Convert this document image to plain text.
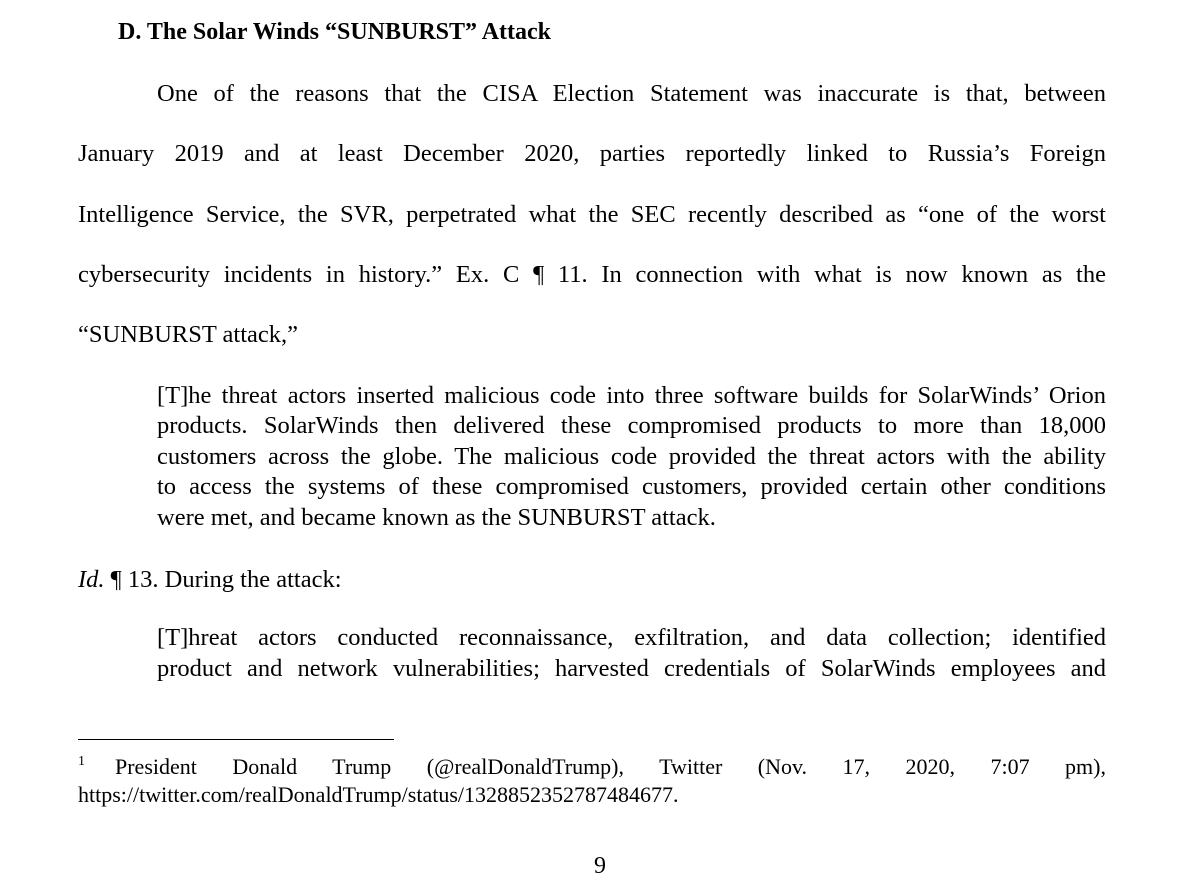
D. The Solar Winds “SUNBURST” Attack
One of the reasons that the CISA Election Statement was inaccurate is that, between
January 2019 and at least December 2020, parties reportedly linked to Russia’s Foreign
Intelligence Service, the SVR, perpetrated what the SEC recently described as “one of the worst
cybersecurity incidents in history.” Ex. C ¶ 11. In connection with what is now known as the
“SUNBURST attack,”
[T]he threat actors inserted malicious code into three software builds for SolarWinds’ Orion
products. SolarWinds then delivered these compromised products to more than 18,000
customers across the globe. The malicious code provided the threat actors with the ability
to access the systems of these compromised customers, provided certain other conditions
were met, and became known as the SUNBURST attack.
Id. ¶ 13. During the attack:
[T]hreat actors conducted reconnaissance, exfiltration, and data collection; identified
product and network vulnerabilities; harvested credentials of SolarWinds employees and
1 President Donald Trump (@realDonaldTrump), Twitter (Nov. 17, 2020, 7:07 pm),
https://twitter.com/realDonaldTrump/status/1328852352787484677.
9
